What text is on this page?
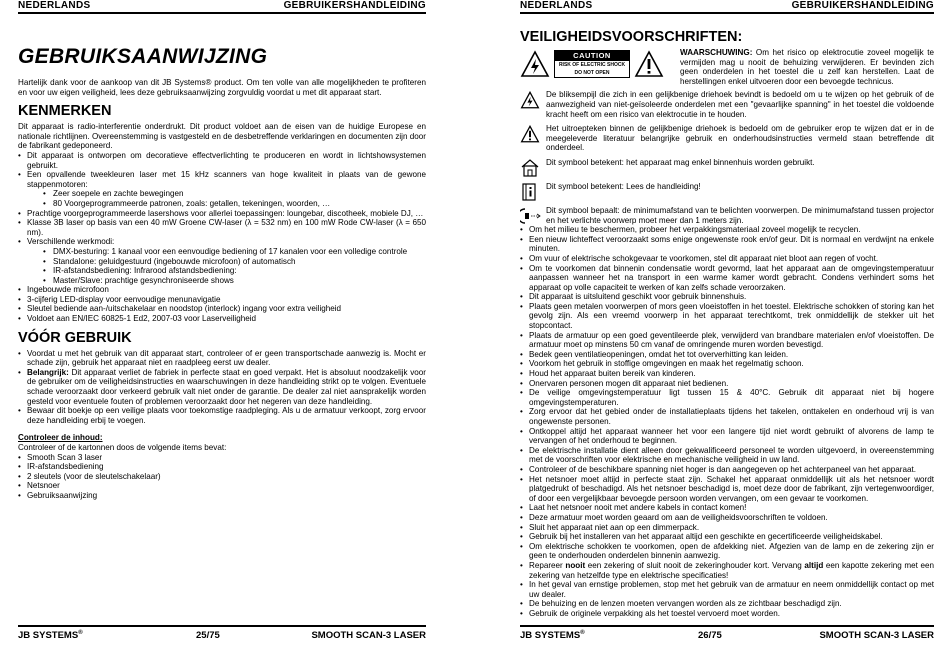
NEDERLANDS	GEBRUIKERSHANDLEIDING
GEBRUIKSAANWIJZING

Hartelijk dank voor de aankoop van dit JB Systems® product. Om ten volle van alle mogelijkheden te profiteren en voor uw eigen veiligheid, lees deze gebruiksaanwijzing zorgvuldig voordat u met dit apparaat start.

KENMERKEN

Dit apparaat is radio-interferentie onderdrukt. Dit product voldoet aan de eisen van de huidige Europese en nationale richtlijnen. Overeenstemming is vastgesteld en de desbetreffende verklaringen en documenten zijn door de fabrikant gedeponeerd.

• Dit apparaat is ontworpen om decoratieve effectverlichting te produceren en wordt in lichtshowsystemen gebruikt.
• Een opvallende tweekleuren laser met 15 kHz scanners van hoge kwaliteit in plaats van de gewone stappenmotoren:
• Zeer soepele en zachte bewegingen
• 80 Voorgeprogrammeerde patronen, zoals: getallen, tekeningen, woorden, …
• Prachtige voorgeprogrammeerde lasershows voor allerlei toepassingen: loungebar, discotheek, mobiele DJ, …
• Klasse 3B laser op basis van een 40 mW Groene CW-laser (λ = 532 nm) en 100 mW Rode CW-laser (λ = 650 nm).
• Verschillende werkmodi:
• DMX-besturing: 1 kanaal voor een eenvoudige bediening of 17 kanalen voor een volledige controle
• Standalone: geluidgestuurd (ingebouwde microfoon) of automatisch
• IR-afstandsbediening: Infrarood afstandsbediening:
• Master/Slave: prachtige gesynchroniseerde shows
• Ingebouwde microfoon
• 3-cijferig LED-display voor eenvoudige menunavigatie
• Sleutel bediende aan-/uitschakelaar en noodstop (interlock) ingang voor extra veiligheid
• Voldoet aan EN/IEC 60825-1 Ed2, 2007-03 voor Laserveiligheid
VÓÓR GEBRUIK
• Voordat u met het gebruik van dit apparaat start, controleer of er geen transportschade aanwezig is. Mocht er schade zijn, gebruik het apparaat niet en raadpleeg eerst uw dealer.
• Belangrijk: Dit apparaat verliet de fabriek in perfecte staat en goed verpakt. Het is absoluut noodzakelijk voor de gebruiker om de veiligheidsinstructies en waarschuwingen in deze handleiding strikt op te volgen. Eventuele schade veroorzaakt door verkeerd gebruik valt niet onder de garantie. De dealer zal niet aansprakelijk worden gesteld voor eventuele fouten of problemen veroorzaakt door het negeren van deze handleiding.
• Bewaar dit boekje op een veilige plaats voor toekomstige raadpleging. Als u de armatuur verkoopt, zorg ervoor deze handleiding erbij te voegen.
Controleer de inhoud:

Controleer of de kartonnen doos de volgende items bevat:

• Smooth Scan 3 laser
• IR-afstandsbediening
• 2 sleutels (voor de sleutelschakelaar)
• Netsnoer
• Gebruiksaanwijzing
JB SYSTEMS®	25/75	SMOOTH SCAN-3 LASER
NEDERLANDS	GEBRUIKERSHANDLEIDING
VEILIGHEIDSVOORSCHRIFTEN:
CAUTION
RISK OF ELECTRIC SHOCK
DO NOT OPEN
WAARSCHUWING: Om het risico op elektrocutie zoveel mogelijk te vermijden mag u nooit de behuizing verwijderen. Er bevinden zich geen onderdelen in het toestel die u zelf kan herstellen. Laat de herstellingen enkel uitvoeren door een bevoegde technicus.
De bliksempijl die zich in een gelijkbenige driehoek bevindt is bedoeld om u te wijzen op het gebruik of de aanwezigheid van niet-geïsoleerde onderdelen met een "gevaarlijke spanning" in het toestel die voldoende kracht heeft om een risico van elektrocutie in te houden.
Het uitroepteken binnen de gelijkbenige driehoek is bedoeld om de gebruiker erop te wijzen dat er in de meegeleverde literatuur belangrijke gebruik en onderhoudsinstructies vermeld staan betreffende dit onderdeel.
Dit symbool betekent: het apparaat mag enkel binnenhuis worden gebruikt.
Dit symbool betekent: Lees de handleiding!
Dit symbool bepaalt: de minimumafstand van te belichten voorwerpen. De minimumafstand tussen projector en het verlichte voorwerp moet meer dan 1 meters zijn.
• Om het milieu te beschermen, probeer het verpakkingsmateriaal zoveel mogelijk te recyclen.
• Een nieuw lichteffect veroorzaakt soms enige ongewenste rook en/of geur. Dit is normaal en verdwijnt na enkele minuten.
• Om vuur of elektrische schokgevaar te voorkomen, stel dit apparaat niet bloot aan regen of vocht.
• Om te voorkomen dat binnenin condensatie wordt gevormd, laat het apparaat aan de omgevingstemperatuur aanpassen wanneer het na transport in een warme kamer wordt gebracht. Condens verhindert soms het apparaat op volle capaciteit te werken of kan zelfs schade veroorzaken.
• Dit apparaat is uitsluitend geschikt voor gebruik binnenshuis.
• Plaats geen metalen voorwerpen of mors geen vloeistoffen in het toestel. Elektrische schokken of storing kan het gevolg zijn. Als een vreemd voorwerp in het apparaat terechtkomt, trek onmiddellijk de stekker uit het stopcontact.
• Plaats de armatuur op een goed geventileerde plek, verwijderd van brandbare materialen en/of vloeistoffen. De armatuur moet op minstens 50 cm vanaf de omringende muren worden bevestigd.
• Bedek geen ventilatieopeningen, omdat het tot oververhitting kan leiden.
• Voorkom het gebruik in stoffige omgevingen en maak het regelmatig schoon.
• Houd het apparaat buiten bereik van kinderen.
• Onervaren personen mogen dit apparaat niet bedienen.
• De veilige omgevingstemperatuur ligt tussen 15 & 40°C. Gebruik dit apparaat niet bij hogere omgevingstemperaturen.
• Zorg ervoor dat het gebied onder de installatieplaats tijdens het takelen, onttakelen en onderhoud vrij is van ongewenste personen.
• Ontkoppel altijd het apparaat wanneer het voor een langere tijd niet wordt gebruikt of alvorens de lamp te vervangen of het onderhoud te beginnen.
• De elektrische installatie dient alleen door gekwalificeerd personeel te worden uitgevoerd, in overeenstemming met de voorschriften voor elektrische en mechanische veiligheid in uw land.
• Controleer of de beschikbare spanning niet hoger is dan aangegeven op het achterpaneel van het apparaat.
• Het netsnoer moet altijd in perfecte staat zijn. Schakel het apparaat onmiddellijk uit als het netsnoer wordt platgedrukt of beschadigd. Als het netsnoer beschadigd is, moet deze door de fabrikant, zijn vertegenwoordiger, of door een vergelijkbaar bevoegde persoon worden vervangen, om een gevaar te voorkomen.
• Laat het netsnoer nooit met andere kabels in contact komen!
• Deze armatuur moet worden geaard om aan de veiligheidsvoorschriften te voldoen.
• Sluit het apparaat niet aan op een dimmerpack.
• Gebruik bij het installeren van het apparaat altijd een geschikte en gecertificeerde veiligheidskabel.
• Om elektrische schokken te voorkomen, open de afdekking niet. Afgezien van de lamp en de zekering zijn er geen te onderhouden onderdelen binnenin aanwezig.
• Repareer nooit een zekering of sluit nooit de zekeringhouder kort. Vervang altijd een kapotte zekering met een zekering van hetzelfde type en elektrische specificaties!
• In het geval van ernstige problemen, stop met het gebruik van de armatuur en neem onmiddellijk contact op met uw dealer.
• De behuizing en de lenzen moeten vervangen worden als ze zichtbaar beschadigd zijn.
• Gebruik de originele verpakking als het toestel vervoerd moet worden.
JB SYSTEMS®	26/75	SMOOTH SCAN-3 LASER
